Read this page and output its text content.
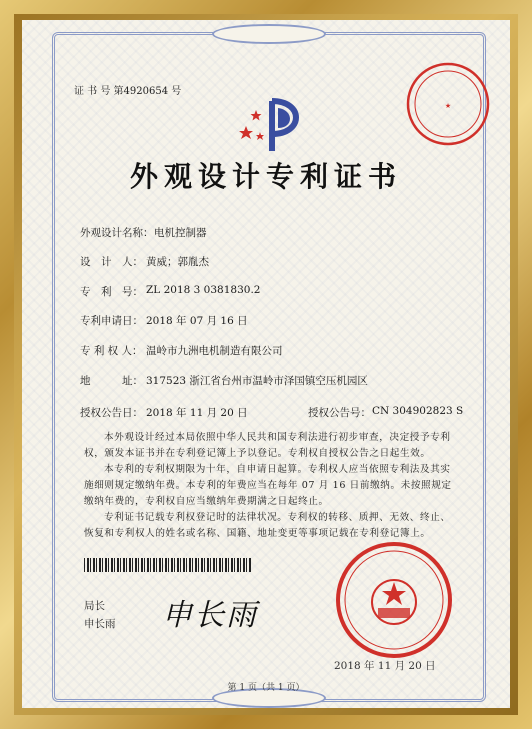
证 书 号 第4920654 号
★
外观设计专利证书
外观设计名称： 电机控制器
设　计　人： 黄威；郭胤杰
专　利　号： ZL 2018 3 0381830.2
专利申请日： 2018 年 07 月 16 日
专 利 权 人： 温岭市九洲电机制造有限公司
地　　　址： 317523 浙江省台州市温岭市泽国镇空压机园区
授权公告日： 2018 年 11 月 20 日	授权公告号： CN 304902823 S
本外观设计经过本局依照中华人民共和国专利法进行初步审查，决定授予专利权，颁发本证书并在专利登记簿上予以登记。专利权自授权公告之日起生效。
本专利的专利权期限为十年，自申请日起算。专利权人应当依照专利法及其实施细则规定缴纳年费。本专利的年费应当在每年 07 月 16 日前缴纳。未按照规定缴纳年费的，专利权自应当缴纳年费期满之日起终止。
专利证书记载专利权登记时的法律状况。专利权的转移、质押、无效、终止、恢复和专利权人的姓名或名称、国籍、地址变更等事项记载在专利登记簿上。
局长
申长雨 申长雨
2018 年 11 月 20 日
第 1 页（共 1 页）
